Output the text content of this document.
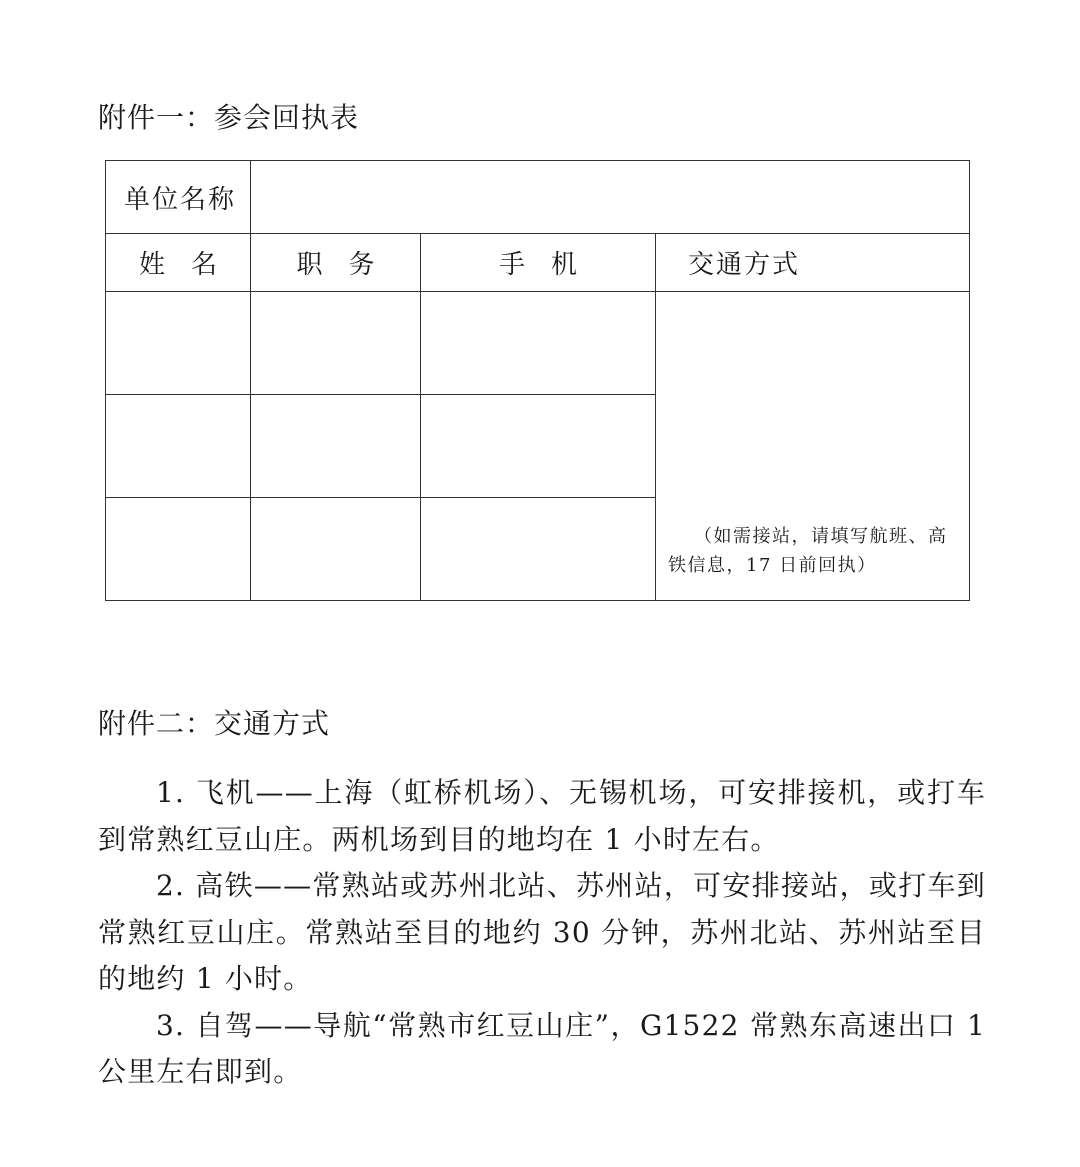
附件一：参会回执表
单位名称			
姓　名	职　务	手　机	交通方式

			（如需接站，请填写航班、高铁信息，17 日前回执）

附件二：交通方式

1. 飞机——上海（虹桥机场）、无锡机场，可安排接机，或打车到常熟红豆山庄。两机场到目的地均在 1 小时左右。

2. 高铁——常熟站或苏州北站、苏州站，可安排接站，或打车到常熟红豆山庄。常熟站至目的地约 30 分钟，苏州北站、苏州站至目的地约 1 小时。

3. 自驾——导航“常熟市红豆山庄”，G1522 常熟东高速出口 1 公里左右即到。
